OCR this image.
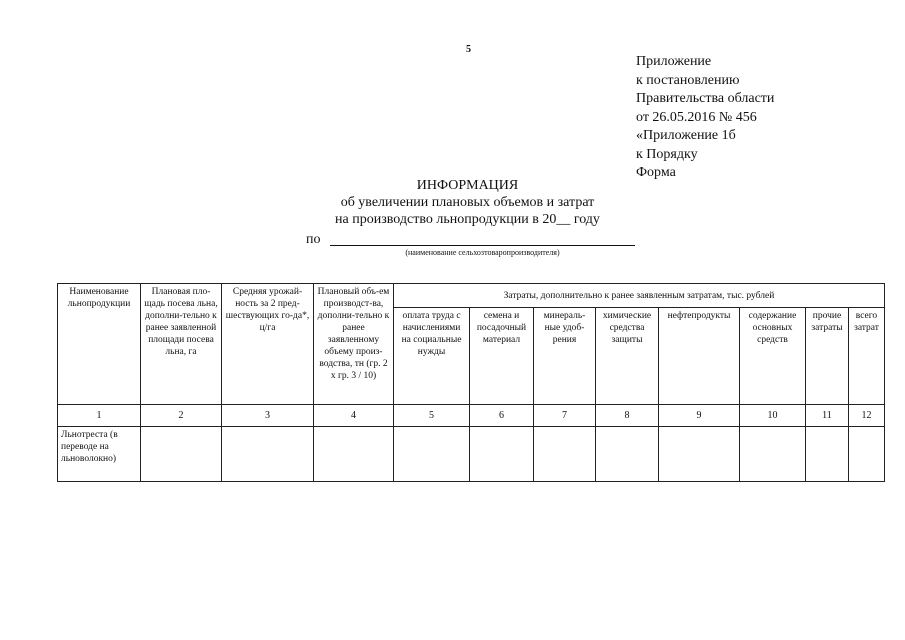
5
Приложение
к постановлению
Правительства области
от 26.05.2016 № 456
«Приложение 1б
к Порядку
Форма
ИНФОРМАЦИЯ
об увеличении плановых объемов и затрат
на производство льнопродукции в 20__ году
по
(наименование сельхозтоваропроизводителя)
Наименование льнопродукции	Плановая пло-щадь посева льна, дополни-тельно к ранее заявленной площади посева льна, га	Средняя урожай-ность за 2 пред-шествующих го-да*, ц/га	Плановый объ-ем производст-ва, дополни-тельно к ранее заявленному объему произ-водства, тн (гр. 2 х гр. 3 / 10)	Затраты, дополнительно к ранее заявленным затратам, тыс. рублей							
				оплата труда с начислениями на социальные нужды	семена и посадочный материал	минераль-ные удоб-рения	химические средства защиты	нефтепродукты	содержание основных средств	прочие затраты	всего затрат
1	2	3	4	5	6	7	8	9	10	11	12
Льнотреста (в переводе на льноволокно)											
